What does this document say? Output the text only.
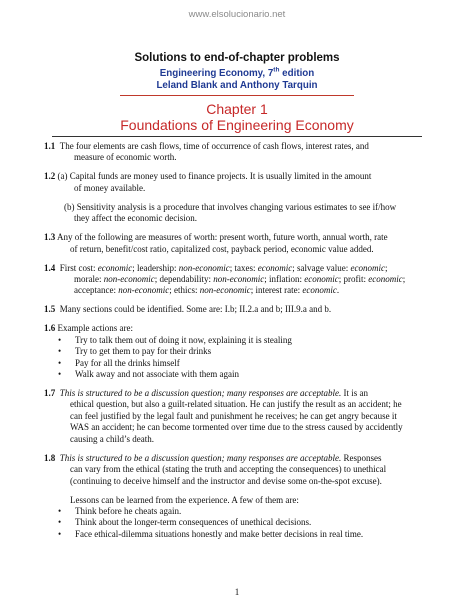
www.elsolucionario.net
Solutions to end-of-chapter problems
Engineering Economy, 7th edition
Leland Blank and Anthony Tarquin
Chapter 1
Foundations of Engineering Economy
1.1 The four elements are cash flows, time of occurrence of cash flows, interest rates, and
measure of economic worth.
1.2 (a) Capital funds are money used to finance projects. It is usually limited in the amount
of money available.
(b) Sensitivity analysis is a procedure that involves changing various estimates to see if/how
they affect the economic decision.
1.3 Any of the following are measures of worth: present worth, future worth, annual worth, rate
of return, benefit/cost ratio, capitalized cost, payback period, economic value added.
1.4 First cost: economic; leadership: non-economic; taxes: economic; salvage value: economic;
morale: non-economic; dependability: non-economic; inflation: economic; profit: economic;
acceptance: non-economic; ethics: non-economic; interest rate: economic.
1.5 Many sections could be identified. Some are: I.b; II.2.a and b; III.9.a and b.
1.6 Example actions are:
• Try to talk them out of doing it now, explaining it is stealing
• Try to get them to pay for their drinks
• Pay for all the drinks himself
• Walk away and not associate with them again
1.7 This is structured to be a discussion question; many responses are acceptable. It is an
ethical question, but also a guilt-related situation. He can justify the result as an accident; he
can feel justified by the legal fault and punishment he receives; he can get angry because it
WAS an accident; he can become tormented over time due to the stress caused by accidently
causing a child’s death.
1.8 This is structured to be a discussion question; many responses are acceptable. Responses
can vary from the ethical (stating the truth and accepting the consequences) to unethical
(continuing to deceive himself and the instructor and devise some on-the-spot excuse).
Lessons can be learned from the experience. A few of them are:
• Think before he cheats again.
• Think about the longer-term consequences of unethical decisions.
• Face ethical-dilemma situations honestly and make better decisions in real time.
1
